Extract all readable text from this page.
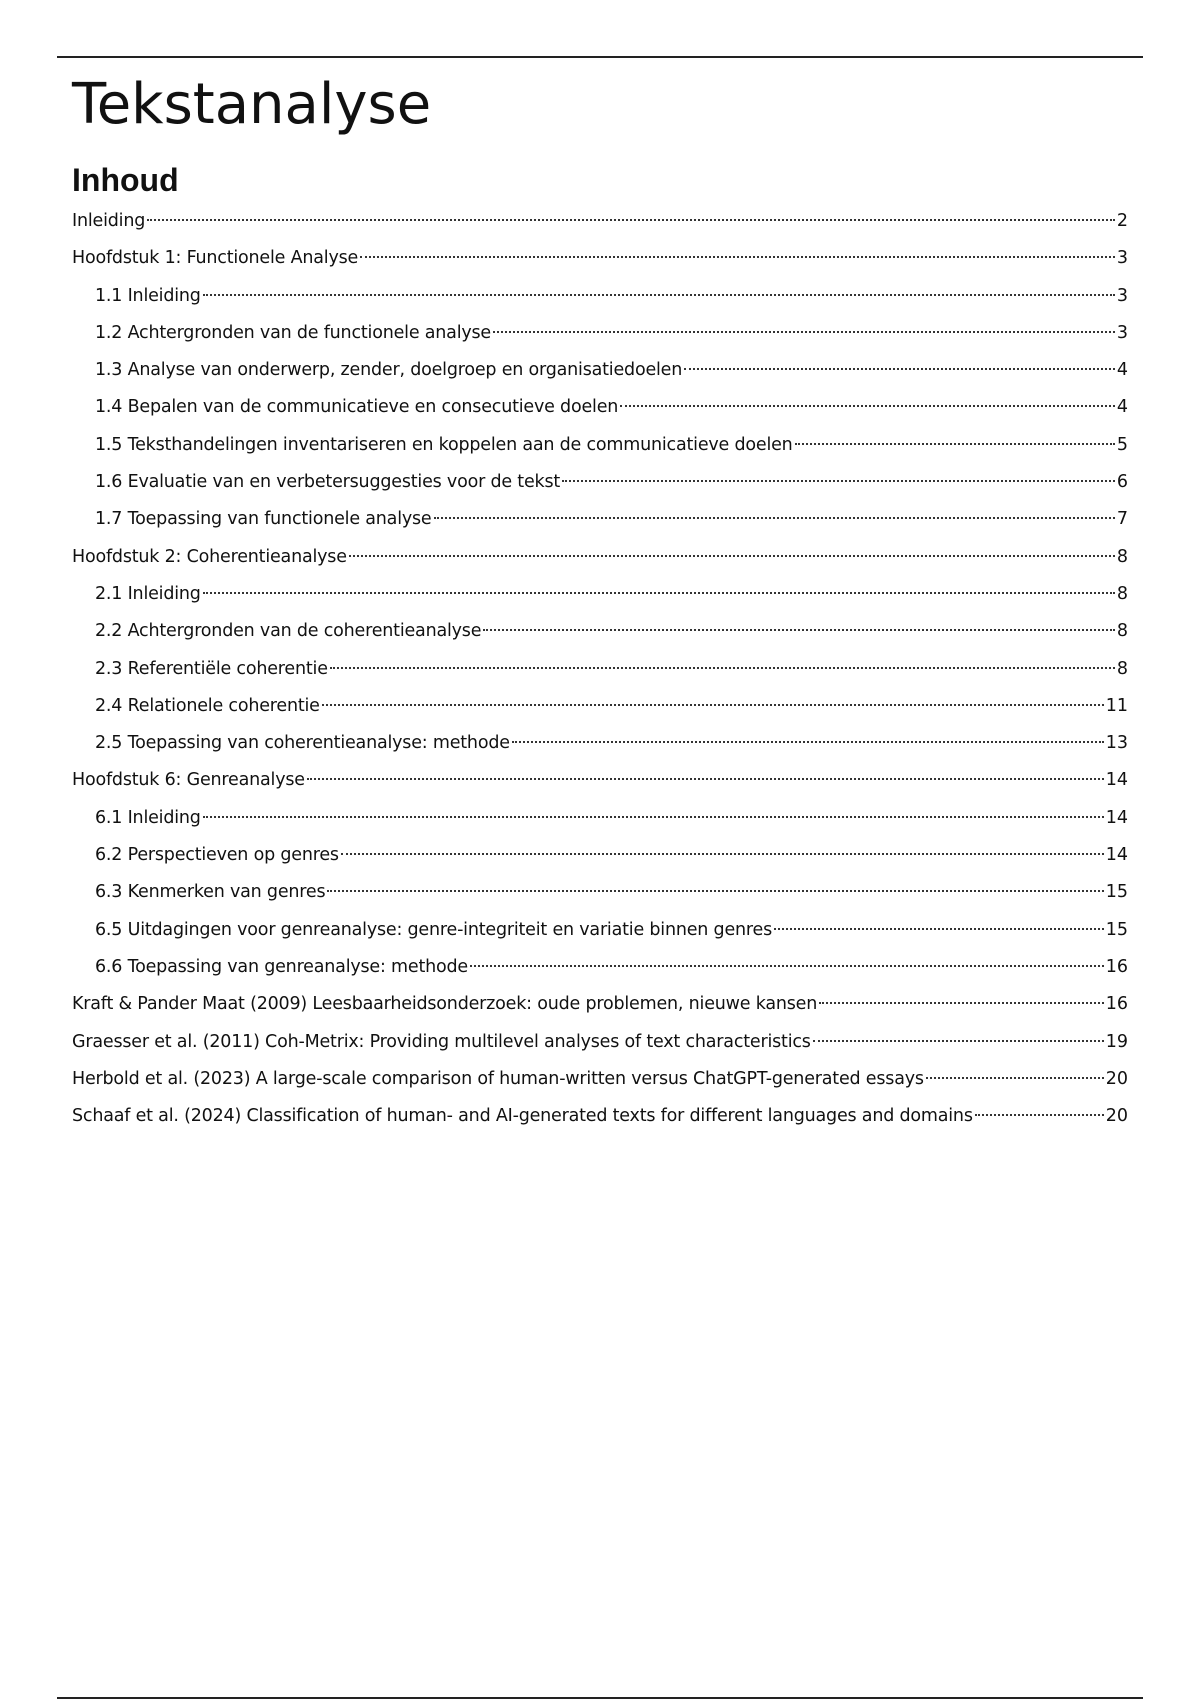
Tekstanalyse
Inhoud
Inleiding	2
Hoofdstuk 1: Functionele Analyse	3
1.1 Inleiding	3
1.2 Achtergronden van de functionele analyse	3
1.3 Analyse van onderwerp, zender, doelgroep en organisatiedoelen	4
1.4 Bepalen van de communicatieve en consecutieve doelen	4
1.5 Teksthandelingen inventariseren en koppelen aan de communicatieve doelen	5
1.6 Evaluatie van en verbetersuggesties voor de tekst	6
1.7 Toepassing van functionele analyse	7
Hoofdstuk 2: Coherentieanalyse	8
2.1 Inleiding	8
2.2 Achtergronden van de coherentieanalyse	8
2.3 Referentiële coherentie	8
2.4 Relationele coherentie	11
2.5 Toepassing van coherentieanalyse: methode	13
Hoofdstuk 6: Genreanalyse	14
6.1 Inleiding	14
6.2 Perspectieven op genres	14
6.3 Kenmerken van genres	15
6.5 Uitdagingen voor genreanalyse: genre-integriteit en variatie binnen genres	15
6.6 Toepassing van genreanalyse: methode	16
Kraft & Pander Maat (2009) Leesbaarheidsonderzoek: oude problemen, nieuwe kansen	16
Graesser et al. (2011) Coh-Metrix: Providing multilevel analyses of text characteristics	19
Herbold et al. (2023) A large-scale comparison of human-written versus ChatGPT-generated essays	20
Schaaf et al. (2024) Classification of human- and AI-generated texts for different languages and domains	20
